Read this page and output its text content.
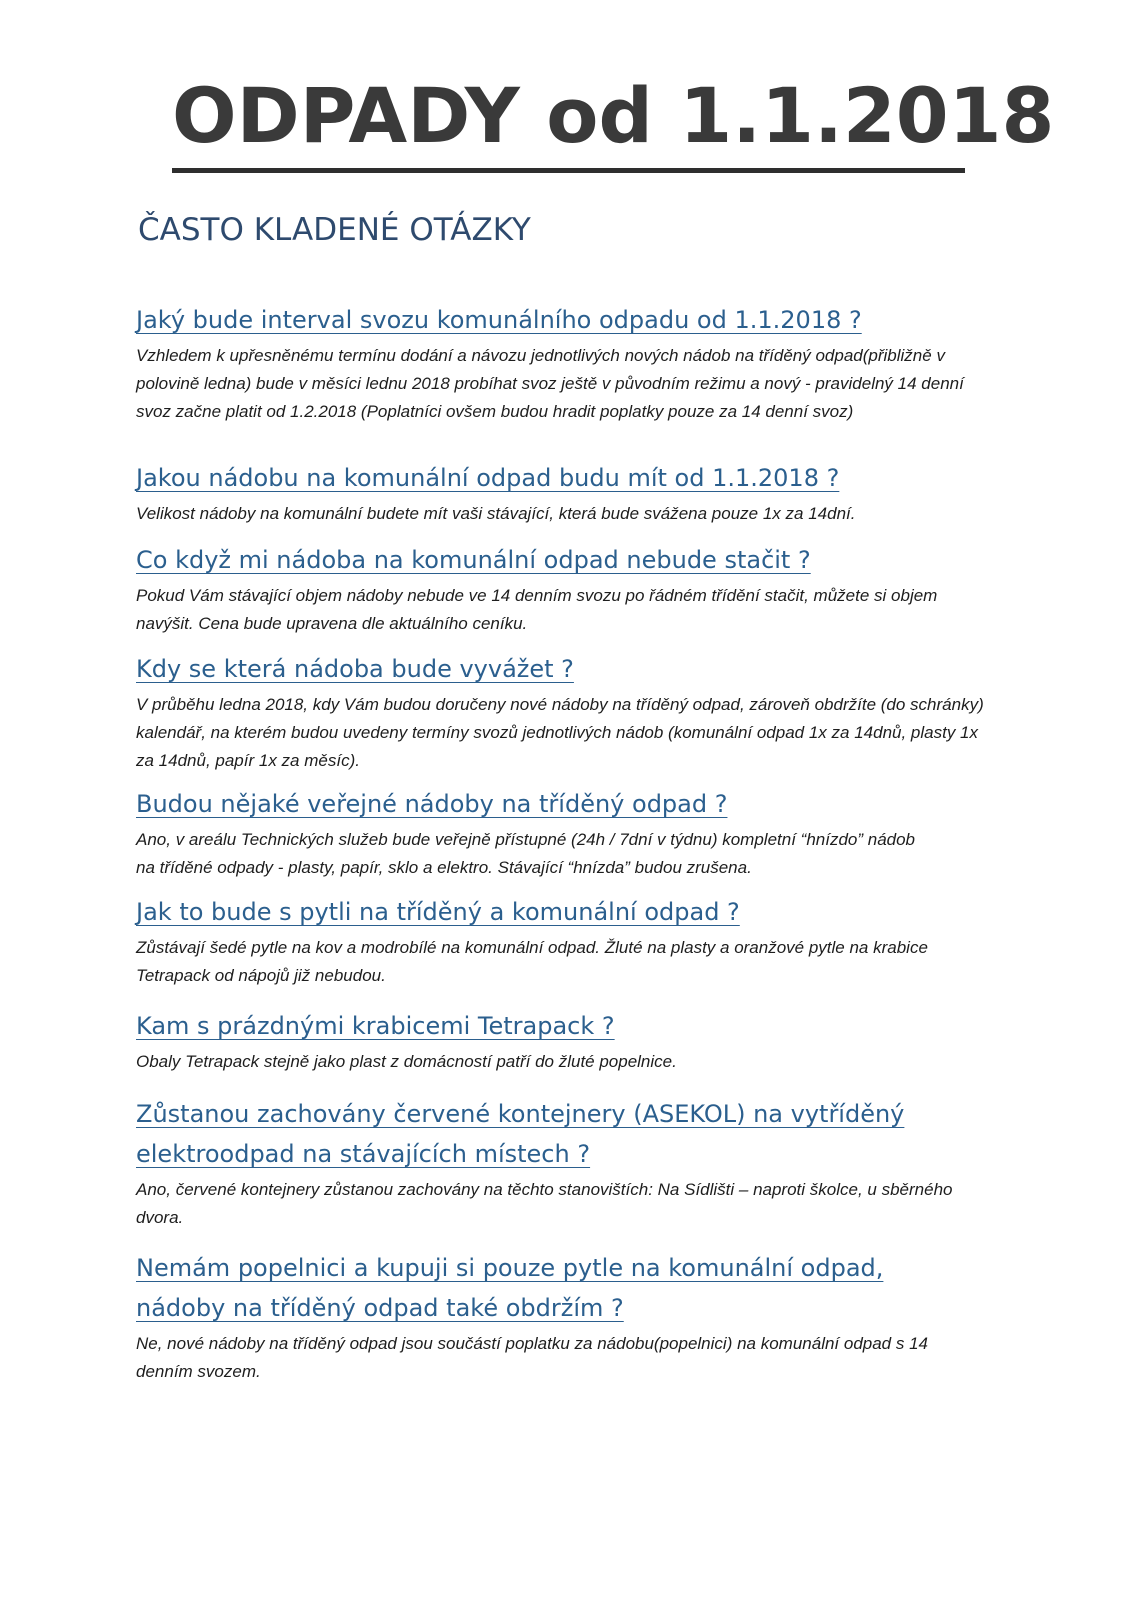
ODPADY od 1.1.2018
ČASTO KLADENÉ OTÁZKY
Jaký bude interval svozu komunálního odpadu od 1.1.2018 ?

Vzhledem k upřesněnému termínu dodání a návozu jednotlivých nových nádob na tříděný odpad(přibližně v polovině ledna) bude v měsíci lednu 2018 probíhat svoz ještě v původním režimu a nový - pravidelný 14 denní svoz začne platit od 1.2.2018 (Poplatníci ovšem budou hradit poplatky pouze za 14 denní svoz)

Jakou nádobu na komunální odpad budu mít od 1.1.2018 ?

Velikost nádoby na komunální budete mít vaši stávající, která bude svážena pouze 1x za 14dní.

Co když mi nádoba na komunální odpad nebude stačit ?

Pokud Vám stávající objem nádoby nebude ve 14 denním svozu po řádném třídění stačit, můžete si objem navýšit. Cena bude upravena dle aktuálního ceníku.

Kdy se která nádoba bude vyvážet ?

V průběhu ledna 2018, kdy Vám budou doručeny nové nádoby na tříděný odpad, zároveň obdržíte (do schránky) kalendář, na kterém budou uvedeny termíny svozů jednotlivých nádob (komunální odpad 1x za 14dnů, plasty 1x za 14dnů, papír 1x za měsíc).

Budou nějaké veřejné nádoby na tříděný odpad ?

Ano, v areálu Technických služeb bude veřejně přístupné (24h / 7dní v týdnu) kompletní “hnízdo” nádob na tříděné odpady - plasty, papír, sklo a elektro. Stávající “hnízda” budou zrušena.

Jak to bude s pytli na tříděný a komunální odpad ?

Zůstávají šedé pytle na kov a modrobílé na komunální odpad. Žluté na plasty a oranžové pytle na krabice Tetrapack od nápojů již nebudou.

Kam s prázdnými krabicemi Tetrapack ?

Obaly Tetrapack stejně jako plast z domácností patří do žluté popelnice.

Zůstanou zachovány červené kontejnery (ASEKOL) na vytříděný elektroodpad na stávajících místech ?

Ano, červené kontejnery zůstanou zachovány na těchto stanovištích: Na Sídlišti – naproti školce, u sběrného dvora.

Nemám popelnici a kupuji si pouze pytle na komunální odpad, nádoby na tříděný odpad také obdržím ?

Ne, nové nádoby na tříděný odpad jsou součástí poplatku za nádobu(popelnici) na komunální odpad s 14 denním svozem.
